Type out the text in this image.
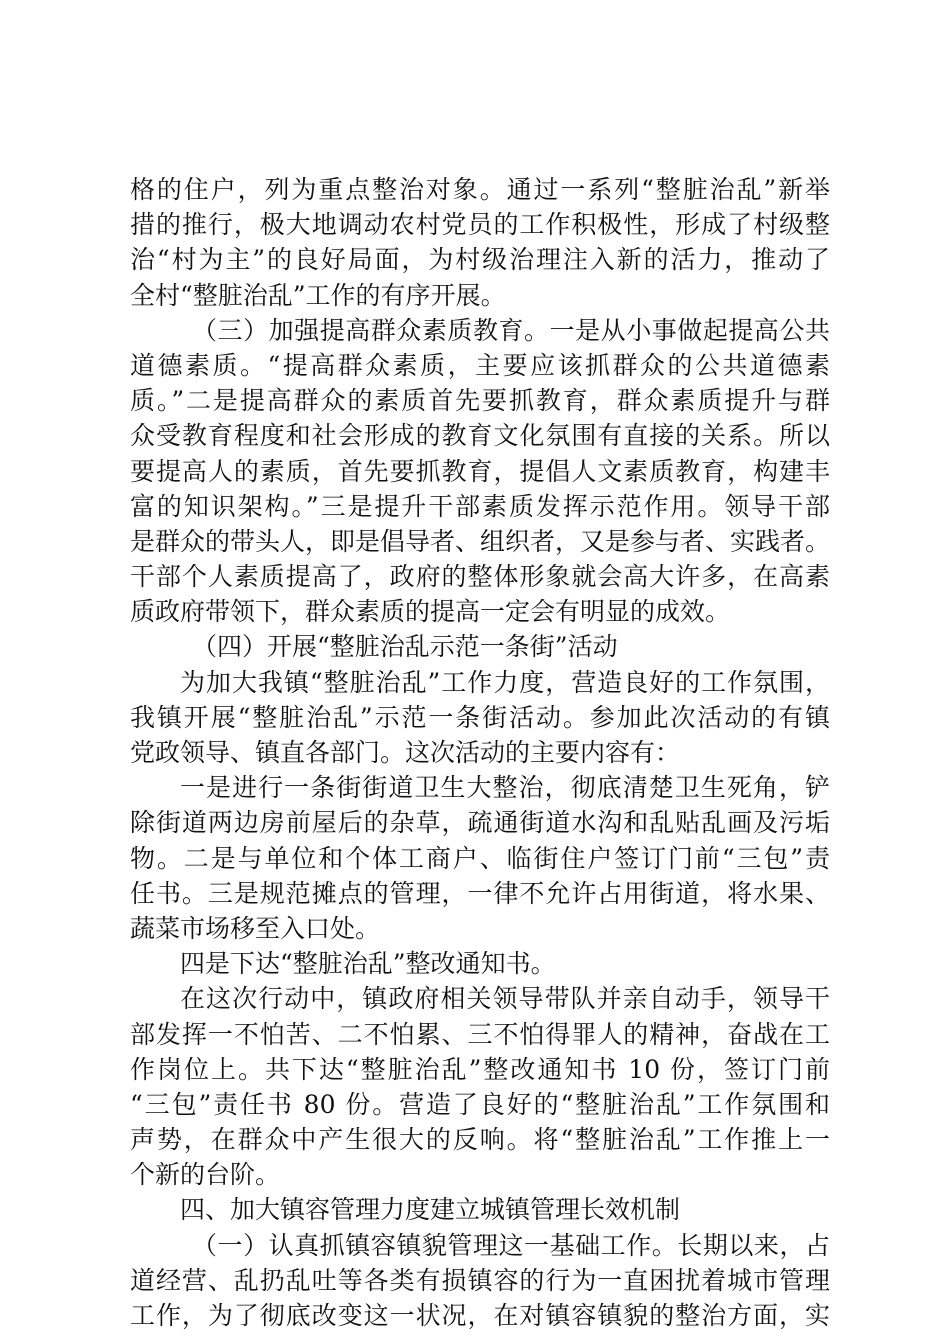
格的住户，列为重点整治对象。通过一系列“整脏治乱”新举
措的推行，极大地调动农村党员的工作积极性，形成了村级整
治“村为主”的良好局面，为村级治理注入新的活力，推动了
全村“整脏治乱”工作的有序开展。
（三）加强提高群众素质教育。一是从小事做起提高公共
道德素质。“提高群众素质，主要应该抓群众的公共道德素
质。”二是提高群众的素质首先要抓教育，群众素质提升与群
众受教育程度和社会形成的教育文化氛围有直接的关系。所以
要提高人的素质，首先要抓教育，提倡人文素质教育，构建丰
富的知识架构。”三是提升干部素质发挥示范作用。领导干部
是群众的带头人，即是倡导者、组织者，又是参与者、实践者。
干部个人素质提高了，政府的整体形象就会高大许多，在高素
质政府带领下，群众素质的提高一定会有明显的成效。
（四）开展“整脏治乱示范一条街”活动
为加大我镇“整脏治乱”工作力度，营造良好的工作氛围，
我镇开展“整脏治乱”示范一条街活动。参加此次活动的有镇
党政领导、镇直各部门。这次活动的主要内容有：
一是进行一条街街道卫生大整治，彻底清楚卫生死角，铲
除街道两边房前屋后的杂草，疏通街道水沟和乱贴乱画及污垢
物。二是与单位和个体工商户、临街住户签订门前“三包”责
任书。三是规范摊点的管理，一律不允许占用街道，将水果、
蔬菜市场移至入口处。
四是下达“整脏治乱”整改通知书。
在这次行动中，镇政府相关领导带队并亲自动手，领导干
部发挥一不怕苦、二不怕累、三不怕得罪人的精神，奋战在工
作岗位上。共下达“整脏治乱”整改通知书 10 份，签订门前
“三包”责任书 80 份。营造了良好的“整脏治乱”工作氛围和
声势，在群众中产生很大的反响。将“整脏治乱”工作推上一
个新的台阶。
四、加大镇容管理力度建立城镇管理长效机制
（一）认真抓镇容镇貌管理这一基础工作。长期以来，占
道经营、乱扔乱吐等各类有损镇容的行为一直困扰着城市管理
工作，为了彻底改变这一状况，在对镇容镇貌的整治方面，实
